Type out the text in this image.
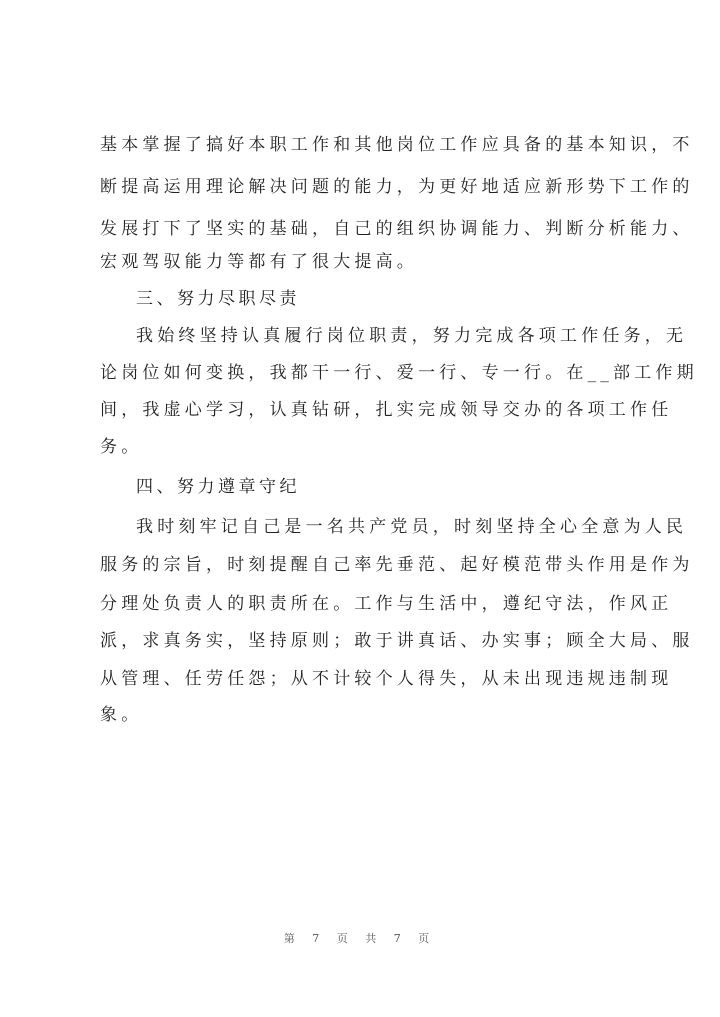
基本掌握了搞好本职工作和其他岗位工作应具备的基本知识，不
断提高运用理论解决问题的能力，为更好地适应新形势下工作的
发展打下了坚实的基础，自己的组织协调能力、判断分析能力、
宏观驾驭能力等都有了很大提高。
三、努力尽职尽责
我始终坚持认真履行岗位职责，努力完成各项工作任务，无
论岗位如何变换，我都干一行、爱一行、专一行。在__部工作期
间，我虚心学习，认真钻研，扎实完成领导交办的各项工作任
务。
四、努力遵章守纪
我时刻牢记自己是一名共产党员，时刻坚持全心全意为人民
服务的宗旨，时刻提醒自己率先垂范、起好模范带头作用是作为
分理处负责人的职责所在。工作与生活中，遵纪守法，作风正
派，求真务实，坚持原则；敢于讲真话、办实事；顾全大局、服
从管理、任劳任怨；从不计较个人得失，从未出现违规违制现
象。
第 7 页 共 7 页
